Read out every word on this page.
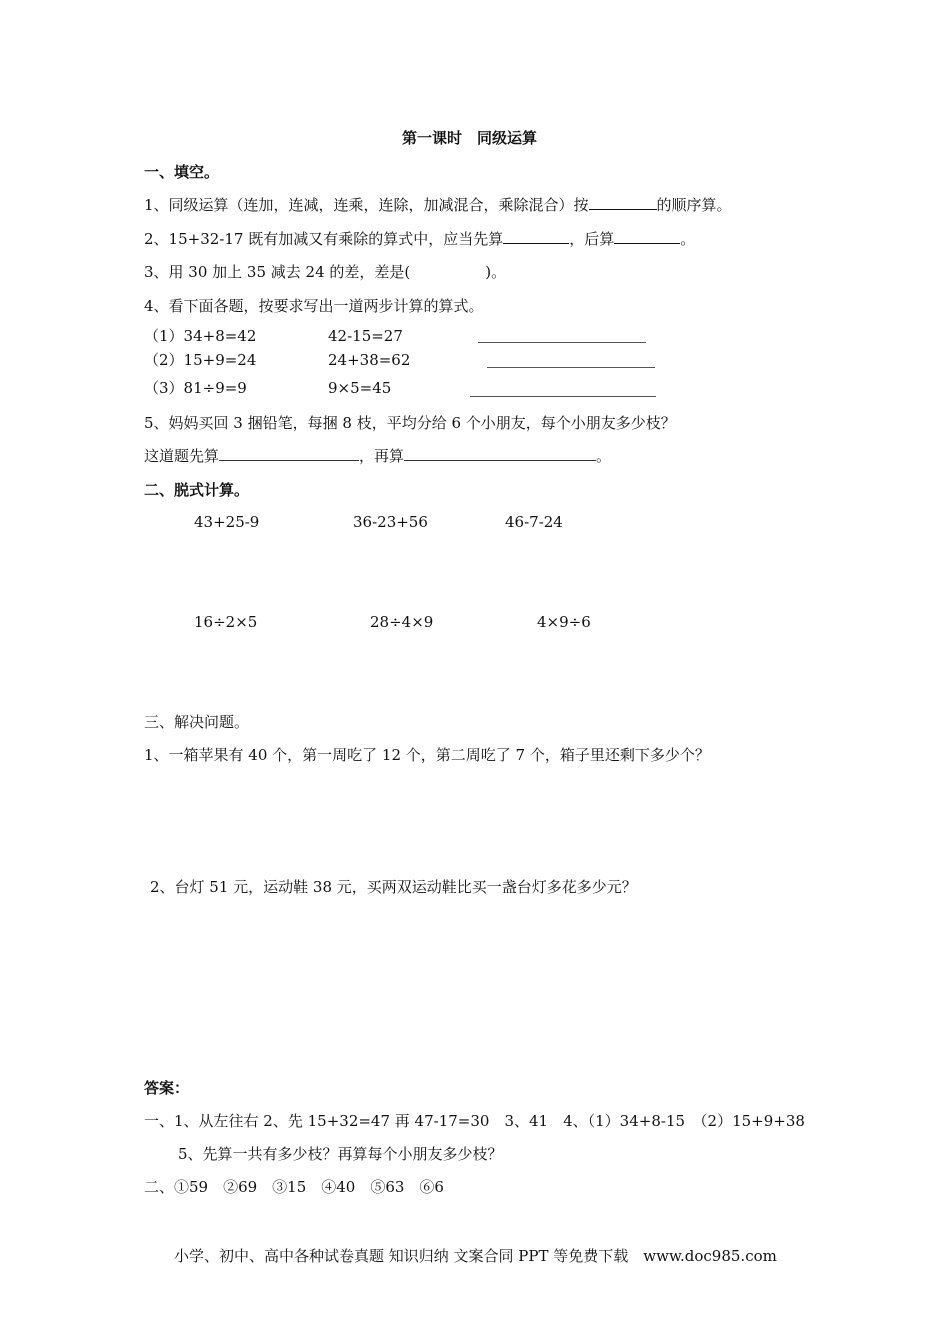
第一课时　同级运算
一、填空。
1、同级运算（连加，连减，连乘，连除，加减混合，乘除混合）按	的顺序算。
2、15+32-17 既有加减又有乘除的算式中，应当先算	，后算	。
3、用 30 加上 35 减去 24 的差，差是(　　　　　)。
4、看下面各题，按要求写出一道两步计算的算式。
（1）34+8=42	42-15=27
（2）15+9=24	24+38=62
（3）81÷9=9	9×5=45
5、妈妈买回 3 捆铅笔，每捆 8 枝，平均分给 6 个小朋友，每个小朋友多少枝？
这道题先算	，再算	。
二、脱式计算。
43+25-9	36-23+56	46-7-24
16÷2×5	28÷4×9	4×9÷6
三、解决问题。
1、一箱苹果有 40 个，第一周吃了 12 个，第二周吃了 7 个，箱子里还剩下多少个？
2、台灯 51 元，运动鞋 38 元，买两双运动鞋比买一盏台灯多花多少元？
答案：
一、1、从左往右 2、先 15+32=47 再 47-17=30　3、41　4、（1）34+8-15　（2）15+9+38
5、先算一共有多少枝？再算每个小朋友多少枝？
二、①59　②69　③15　④40　⑤63　⑥6
小学、初中、高中各种试卷真题 知识归纳 文案合同 PPT 等免费下载　www.doc985.com
